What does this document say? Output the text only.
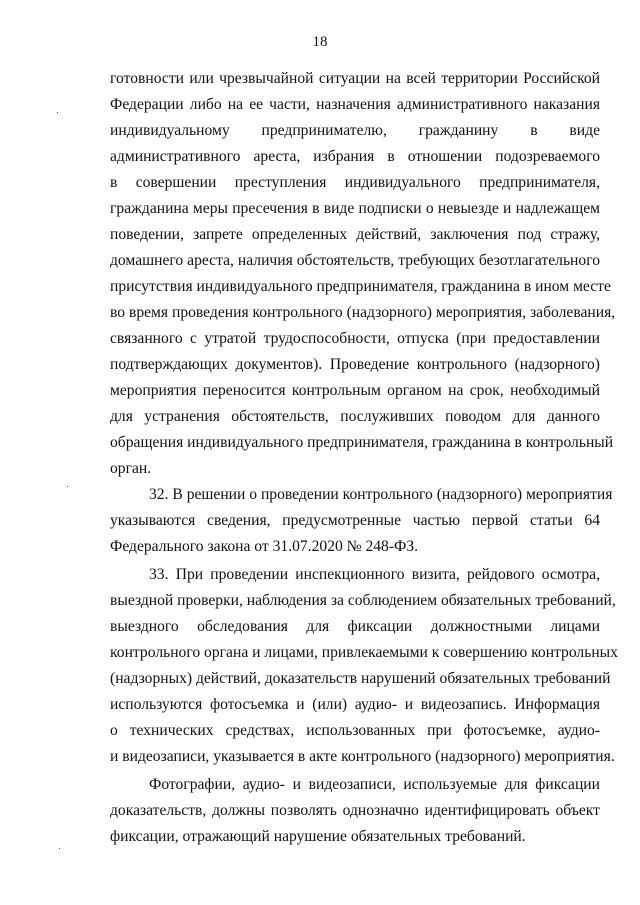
18
готовности или чрезвычайной ситуации на всей территории Российской
Федерации либо на ее части, назначения административного наказания
индивидуальному предпринимателю, гражданину в виде
административного ареста, избрания в отношении подозреваемого
в совершении преступления индивидуального предпринимателя,
гражданина меры пресечения в виде подписки о невыезде и надлежащем
поведении, запрете определенных действий, заключения под стражу,
домашнего ареста, наличия обстоятельств, требующих безотлагательного
присутствия индивидуального предпринимателя, гражданина в ином месте
во время проведения контрольного (надзорного) мероприятия, заболевания,
связанного с утратой трудоспособности, отпуска (при предоставлении
подтверждающих документов). Проведение контрольного (надзорного)
мероприятия переносится контрольным органом на срок, необходимый
для устранения обстоятельств, послуживших поводом для данного
обращения индивидуального предпринимателя, гражданина в контрольный
орган.
32. В решении о проведении контрольного (надзорного) мероприятия
указываются сведения, предусмотренные частью первой статьи 64
Федерального закона от 31.07.2020 № 248-ФЗ.
33. При проведении инспекционного визита, рейдового осмотра,
выездной проверки, наблюдения за соблюдением обязательных требований,
выездного обследования для фиксации должностными лицами
контрольного органа и лицами, привлекаемыми к совершению контрольных
(надзорных) действий, доказательств нарушений обязательных требований
используются фотосъемка и (или) аудио- и видеозапись. Информация
о технических средствах, использованных при фотосъемке, аудио-
и видеозаписи, указывается в акте контрольного (надзорного) мероприятия.
Фотографии, аудио- и видеозаписи, используемые для фиксации
доказательств, должны позволять однозначно идентифицировать объект
фиксации, отражающий нарушение обязательных требований.
